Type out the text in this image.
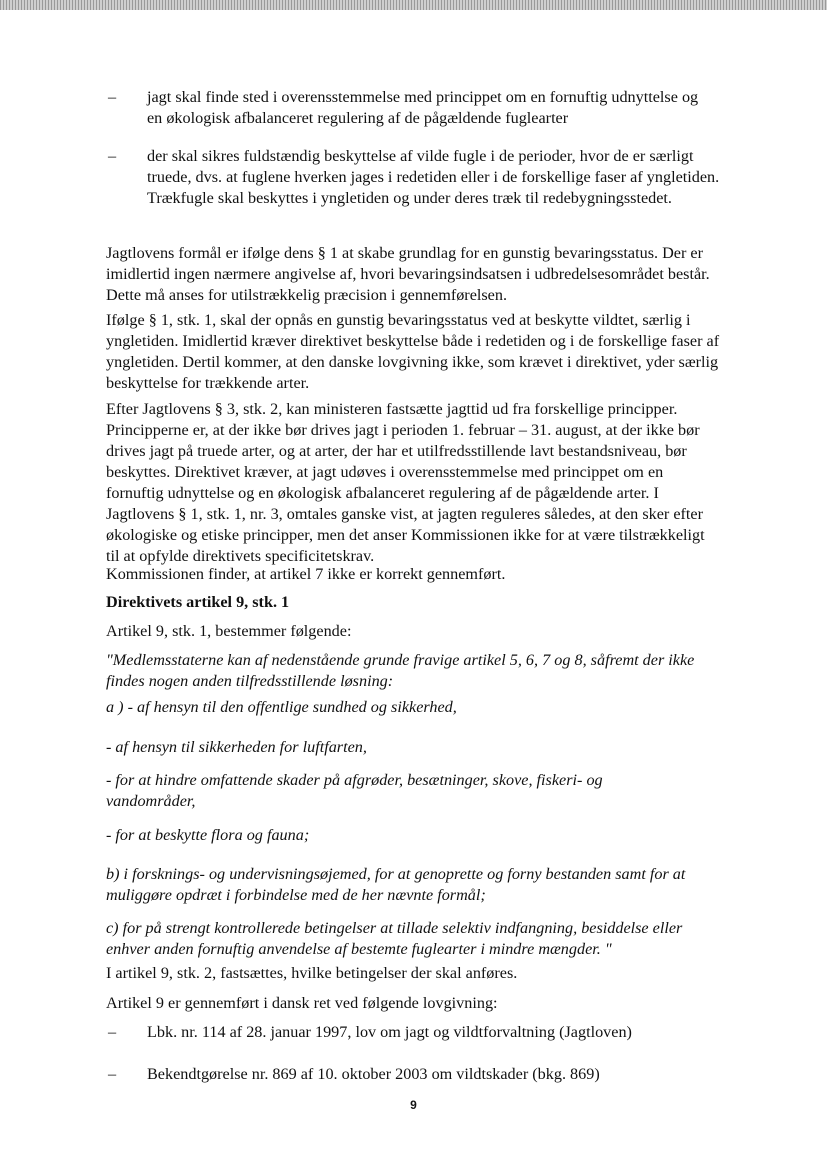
– jagt skal finde sted i overensstemmelse med princippet om en fornuftig udnyttelse og en økologisk afbalanceret regulering af de pågældende fuglearter

– der skal sikres fuldstændig beskyttelse af vilde fugle i de perioder, hvor de er særligt truede, dvs. at fuglene hverken jages i redetiden eller i de forskellige faser af yngletiden. Trækfugle skal beskyttes i yngletiden og under deres træk til redebygningsstedet.

Jagtlovens formål er ifølge dens § 1 at skabe grundlag for en gunstig bevaringsstatus. Der er imidlertid ingen nærmere angivelse af, hvori bevaringsindsatsen i udbredelsesområdet består. Dette må anses for utilstrækkelig præcision i gennemførelsen.

Ifølge § 1, stk. 1, skal der opnås en gunstig bevaringsstatus ved at beskytte vildtet, særlig i yngletiden. Imidlertid kræver direktivet beskyttelse både i redetiden og i de forskellige faser af yngletiden. Dertil kommer, at den danske lovgivning ikke, som krævet i direktivet, yder særlig beskyttelse for trækkende arter.

Efter Jagtlovens § 3, stk. 2, kan ministeren fastsætte jagttid ud fra forskellige principper. Principperne er, at der ikke bør drives jagt i perioden 1. februar – 31. august, at der ikke bør drives jagt på truede arter, og at arter, der har et utilfredsstillende lavt bestandsniveau, bør beskyttes. Direktivet kræver, at jagt udøves i overensstemmelse med princippet om en fornuftig udnyttelse og en økologisk afbalanceret regulering af de pågældende arter. I Jagtlovens § 1, stk. 1, nr. 3, omtales ganske vist, at jagten reguleres således, at den sker efter økologiske og etiske principper, men det anser Kommissionen ikke for at være tilstrækkeligt til at opfylde direktivets specificitetskrav.

Kommissionen finder, at artikel 7 ikke er korrekt gennemført.

Direktivets artikel 9, stk. 1

Artikel 9, stk. 1, bestemmer følgende:

"Medlemsstaterne kan af nedenstående grunde fravige artikel 5, 6, 7 og 8, såfremt der ikke findes nogen anden tilfredsstillende løsning:

a ) - af hensyn til den offentlige sundhed og sikkerhed,

- af hensyn til sikkerheden for luftfarten,

- for at hindre omfattende skader på afgrøder, besætninger, skove, fiskeri- og vandområder,

- for at beskytte flora og fauna;

b) i forsknings- og undervisningsøjemed, for at genoprette og forny bestanden samt for at muliggøre opdræt i forbindelse med de her nævnte formål;

c) for på strengt kontrollerede betingelser at tillade selektiv indfangning, besiddelse eller enhver anden fornuftig anvendelse af bestemte fuglearter i mindre mængder. "

I artikel 9, stk. 2, fastsættes, hvilke betingelser der skal anføres.

Artikel 9 er gennemført i dansk ret ved følgende lovgivning:

– Lbk. nr. 114 af 28. januar 1997, lov om jagt og vildtforvaltning (Jagtloven)

– Bekendtgørelse nr. 869 af 10. oktober 2003 om vildtskader (bkg. 869)

9
